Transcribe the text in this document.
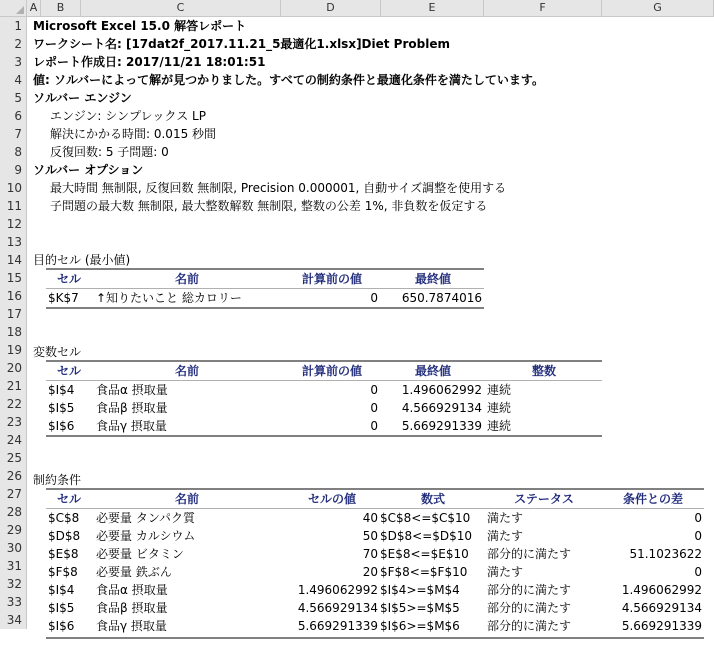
A	B	C	D	E	F	G
1
2
3
4
5
6
7
8
9
10
11
12
13
14
15
16
17
18
19
20
21
22
23
24
25
26
27
28
29
30
31
32
33
34
Microsoft Excel 15.0 解答レポート
ワークシート名: [17dat2f_2017.11.21_5最適化1.xlsx]Diet Problem
レポート作成日: 2017/11/21 18:01:51
値: ソルバーによって解が見つかりました。すべての制約条件と最適化条件を満たしています。
ソルバー エンジン
エンジン: シンプレックス LP
解決にかかる時間: 0.015 秒間
反復回数: 5 子問題: 0
ソルバー オプション
最大時間 無制限, 反復回数 無制限, Precision 0.000001, 自動サイズ調整を使用する
子問題の最大数 無制限, 最大整数解数 無制限, 整数の公差 1%, 非負数を仮定する
目的セル (最小値)
セル	名前	計算前の値	最終値
$K$7 ↑知りたいこと 総カロリー	0	650.7874016
変数セル
セル	名前	計算前の値	最終値	整数
$I$4 食品α 摂取量	0	1.496062992 連続
$I$5 食品β 摂取量	0	4.566929134 連続
$I$6 食品γ 摂取量	0	5.669291339 連続
制約条件
セル	名前	セルの値	数式	ステータス	条件との差
$C$8 必要量 タンパク質	40 $C$8<=$C$10 満たす	0
$D$8 必要量 カルシウム	50 $D$8<=$D$10 満たす	0
$E$8 必要量 ビタミン	70 $E$8<=$E$10 部分的に満たす	51.1023622
$F$8 必要量 鉄ぶん	20 $F$8<=$F$10 満たす	0
$I$4 食品α 摂取量	1.496062992 $I$4>=$M$4 部分的に満たす	1.496062992
$I$5 食品β 摂取量	4.566929134 $I$5>=$M$5 部分的に満たす	4.566929134
$I$6 食品γ 摂取量	5.669291339 $I$6>=$M$6 部分的に満たす	5.669291339
